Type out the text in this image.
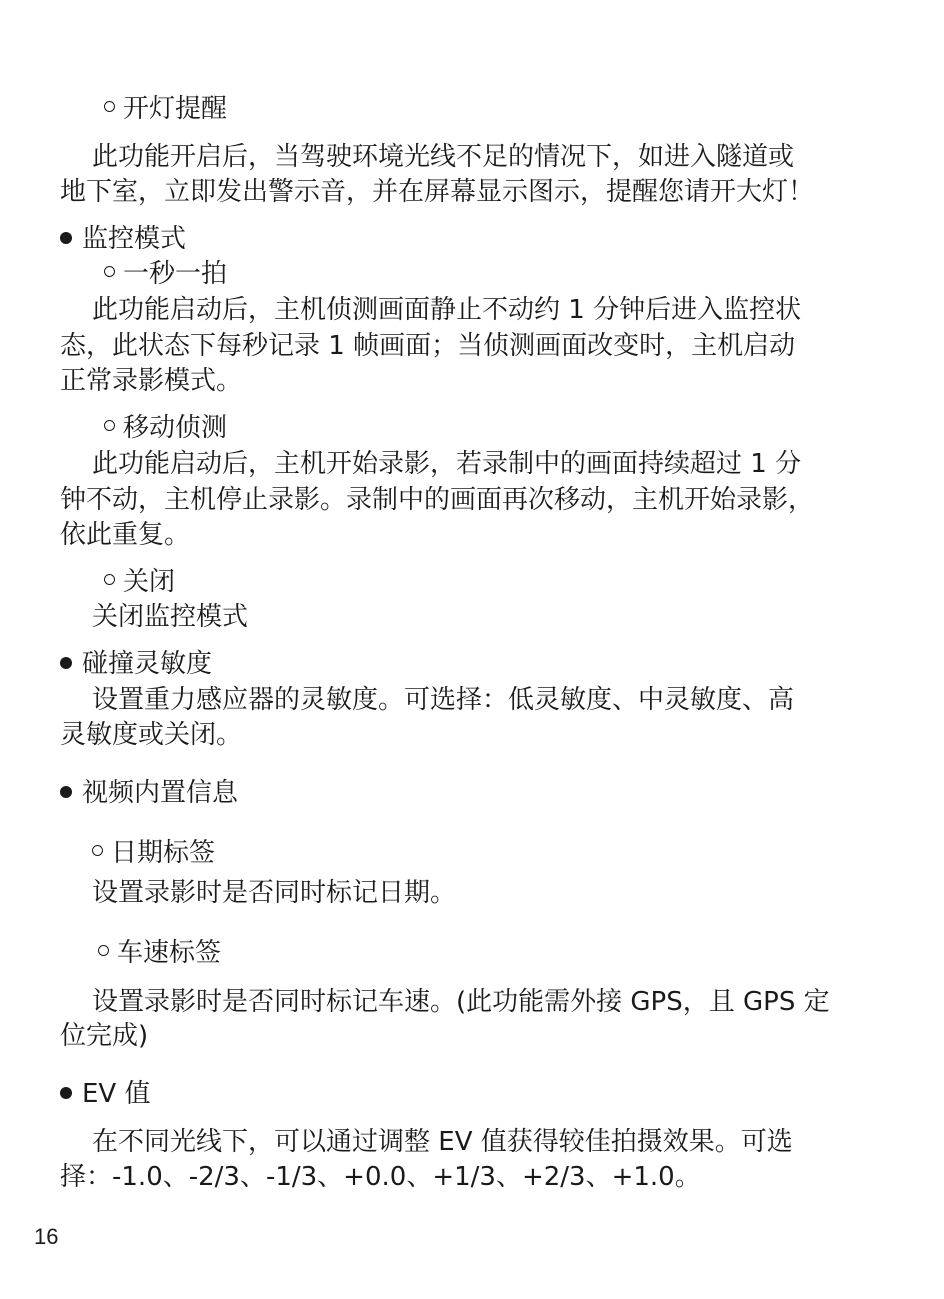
开灯提醒
此功能开启后，当驾驶环境光线不足的情况下，如进入隧道或
地下室，立即发出警示音，并在屏幕显示图示，提醒您请开大灯！
监控模式
一秒一拍
此功能启动后，主机侦测画面静止不动约 1 分钟后进入监控状
态，此状态下每秒记录 1 帧画面；当侦测画面改变时，主机启动
正常录影模式。
移动侦测
此功能启动后，主机开始录影，若录制中的画面持续超过 1 分
钟不动，主机停止录影。录制中的画面再次移动，主机开始录影，
依此重复。
关闭
关闭监控模式
碰撞灵敏度
设置重力感应器的灵敏度。可选择：低灵敏度、中灵敏度、高
灵敏度或关闭。
视频内置信息
日期标签
设置录影时是否同时标记日期。
车速标签
设置录影时是否同时标记车速。(此功能需外接 GPS，且 GPS 定
位完成)
EV 值
在不同光线下，可以通过调整 EV 值获得较佳拍摄效果。可选
择：-1.0、-2/3、-1/3、+0.0、+1/3、+2/3、+1.0。
16
